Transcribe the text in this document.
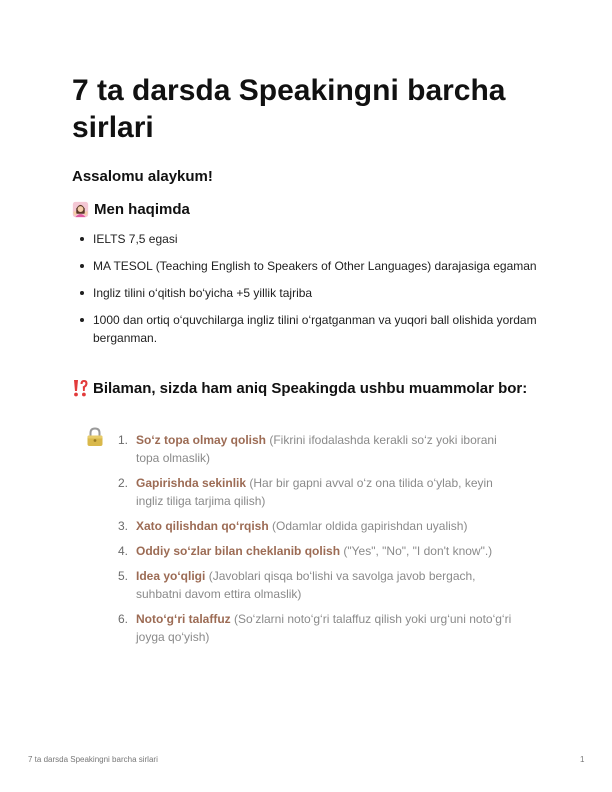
7 ta darsda Speakingni barcha sirlari

Assalomu alaykum!

Men haqimda
IELTS 7,5 egasi
MA TESOL (Teaching English to Speakers of Other Languages) darajasiga egaman
Ingliz tilini o‘qitish bo‘yicha +5 yillik tajriba
1000 dan ortiq o‘quvchilarga ingliz tilini o‘rgatganman va yuqori ball olishida yordam berganman.
Bilaman, sizda ham aniq Speakingda ushbu muammolar bor:
1. So‘z topa olmay qolish (Fikrini ifodalashda kerakli so‘z yoki iborani topa olmaslik)
2. Gapirishda sekinlik (Har bir gapni avval o‘z ona tilida o‘ylab, keyin ingliz tiliga tarjima qilish)
3. Xato qilishdan qo‘rqish (Odamlar oldida gapirishdan uyalish)
4. Oddiy so‘zlar bilan cheklanib qolish ("Yes", "No", "I don't know".)
5. Idea yo‘qligi (Javoblari qisqa bo‘lishi va savolga javob bergach, suhbatni davom ettira olmaslik)
6. Noto‘g‘ri talaffuz (So‘zlarni noto‘g‘ri talaffuz qilish yoki urg‘uni noto‘g‘ri joyga qo‘yish)
7 ta darsda Speakingni barcha sirlari	1
